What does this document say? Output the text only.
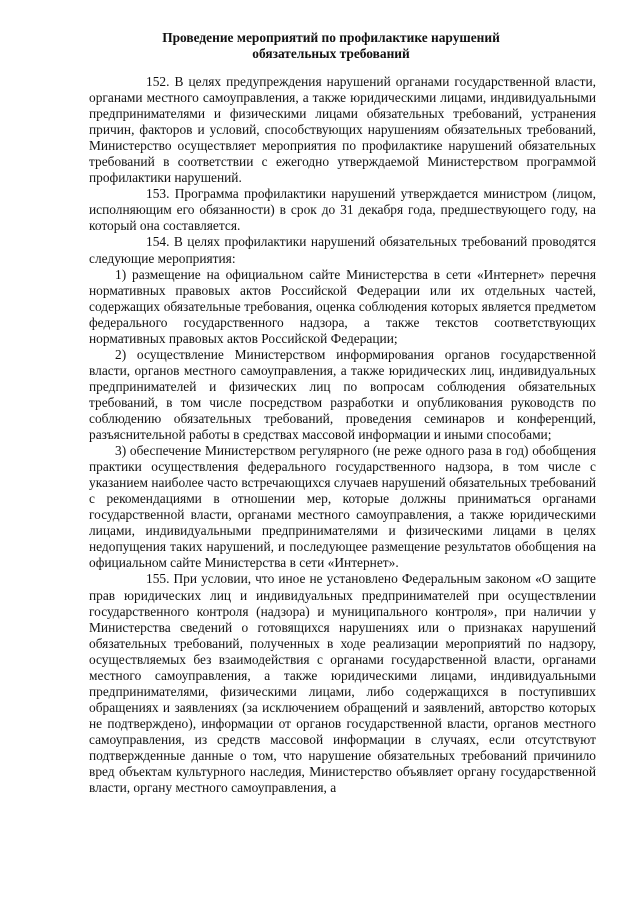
Проведение мероприятий по профилактике нарушений
обязательных требований

152. В целях предупреждения нарушений органами государственной власти, органами местного самоуправления, а также юридическими лицами, индивидуальными предпринимателями и физическими лицами обязательных требований, устранения причин, факторов и условий, способствующих нарушениям обязательных требований, Министерство осуществляет мероприятия по профилактике нарушений обязательных требований в соответствии с ежегодно утверждаемой Министерством программой профилактики нарушений.

153. Программа профилактики нарушений утверждается министром (лицом, исполняющим его обязанности) в срок до 31 декабря года, предшествующего году, на который она составляется.

154. В целях профилактики нарушений обязательных требований проводятся следующие мероприятия:

1) размещение на официальном сайте Министерства в сети «Интернет» перечня нормативных правовых актов Российской Федерации или их отдельных частей, содержащих обязательные требования, оценка соблюдения которых является предметом федерального государственного надзора, а также текстов соответствующих нормативных правовых актов Российской Федерации;

2) осуществление Министерством информирования органов государственной власти, органов местного самоуправления, а также юридических лиц, индивидуальных предпринимателей и физических лиц по вопросам соблюдения обязательных требований, в том числе посредством разработки и опубликования руководств по соблюдению обязательных требований, проведения семинаров и конференций, разъяснительной работы в средствах массовой информации и иными способами;

3) обеспечение Министерством регулярного (не реже одного раза в год) обобщения практики осуществления федерального государственного надзора, в том числе с указанием наиболее часто встречающихся случаев нарушений обязательных требований с рекомендациями в отношении мер, которые должны приниматься органами государственной власти, органами местного самоуправления, а также юридическими лицами, индивидуальными предпринимателями и физическими лицами в целях недопущения таких нарушений, и последующее размещение результатов обобщения на официальном сайте Министерства в сети «Интернет».

155. При условии, что иное не установлено Федеральным законом «О защите прав юридических лиц и индивидуальных предпринимателей при осуществлении государственного контроля (надзора) и муниципального контроля», при наличии у Министерства сведений о готовящихся нарушениях или о признаках нарушений обязательных требований, полученных в ходе реализации мероприятий по надзору, осуществляемых без взаимодействия с органами государственной власти, органами местного самоуправления, а также юридическими лицами, индивидуальными предпринимателями, физическими лицами, либо содержащихся в поступивших обращениях и заявлениях (за исключением обращений и заявлений, авторство которых не подтверждено), информации от органов государственной власти, органов местного самоуправления, из средств массовой информации в случаях, если отсутствуют подтвержденные данные о том, что нарушение обязательных требований причинило вред объектам культурного наследия, Министерство объявляет органу государственной власти, органу местного самоуправления, а
